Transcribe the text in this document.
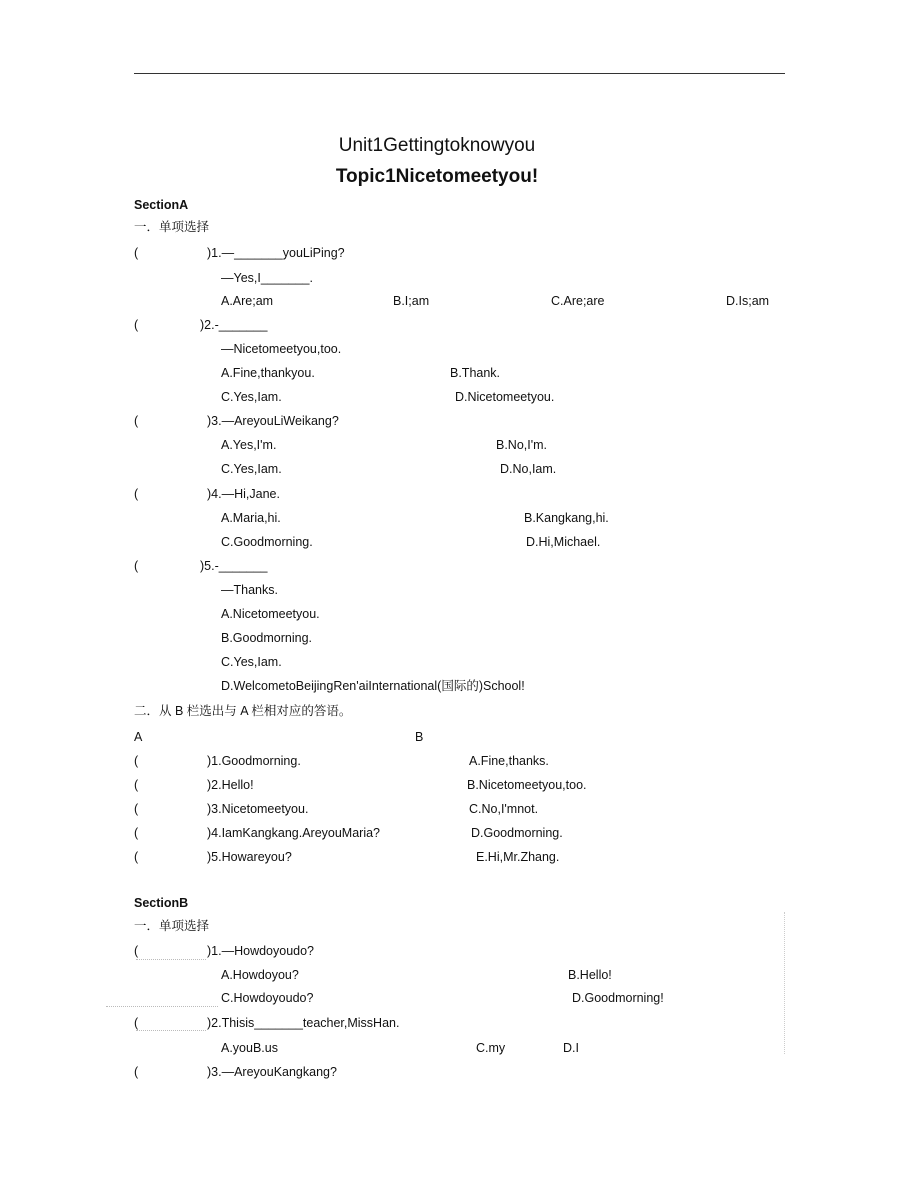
Unit1Gettingtoknowyou
Topic1Nicetomeetyou!
SectionA
一．单项选择
(	)1.—_______youLiPing?
—Yes,I_______.
A.Are;am	B.I;am	C.Are;are	D.Is;am
(	)2.-_______
—Nicetomeetyou,too.
A.Fine,thankyou.	B.Thank.
C.Yes,Iam.	D.Nicetomeetyou.
(	)3.—AreyouLiWeikang?
A.Yes,I'm.	B.No,I'm.
C.Yes,Iam.	D.No,Iam.
(	)4.—Hi,Jane.
A.Maria,hi.	B.Kangkang,hi.
C.Goodmorning.	D.Hi,Michael.
(	)5.-_______
—Thanks.
A.Nicetomeetyou.
B.Goodmorning.
C.Yes,Iam.
D.WelcometoBeijingRen'aiInternational(国际的)School!
二．从 B 栏选出与 A 栏相对应的答语。
A	B
(	)1.Goodmorning.	A.Fine,thanks.
(	)2.Hello!	B.Nicetomeetyou,too.
(	)3.Nicetomeetyou.	C.No,I'mnot.
(	)4.IamKangkang.AreyouMaria?	D.Goodmorning.
(	)5.Howareyou?	E.Hi,Mr.Zhang.
SectionB
一．单项选择
(	)1.—Howdoyoudo?
A.Howdoyou?	B.Hello!
C.Howdoyoudo?	D.Goodmorning!
(	)2.Thisis_______teacher,MissHan.
A.youB.us	C.my	D.I
(	)3.—AreyouKangkang?
